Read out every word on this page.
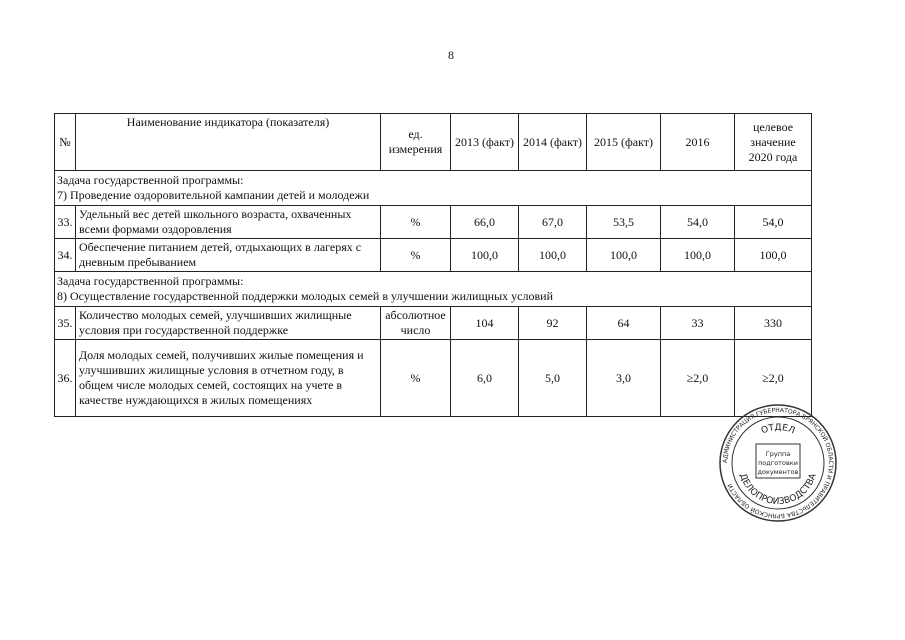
8
№	Наименование индикатора (показателя)	ед. измерения	2013 (факт)	2014 (факт)	2015 (факт)	2016	целевое значение 2020 года

Задача государственной программы:
7) Проведение оздоровительной кампании детей и молодежи							

33.	Удельный вес детей школьного возраста, охваченных всеми формами оздоровления	%	66,0	67,0	53,5	54,0	54,0
34.	Обеспечение питанием детей, отдыхающих в лагерях с дневным пребыванием	%	100,0	100,0	100,0	100,0	100,0

Задача государственной программы:
8) Осуществление государственной поддержки молодых семей в улучшении жилищных условий							

35.	Количество молодых семей, улучшивших жилищные условия при государственной поддержке	абсолютное число	104	92	64	33	330
36.	Доля молодых семей, получивших жилые помещения и улучшивших жилищные условия в отчетном году, в общем числе молодых семей, состоящих на учете в качестве нуждающихся в жилых помещениях	%	6,0	5,0	3,0	≥2,0	≥2,0
АДМИНИСТРАЦИЯ ГУБЕРНАТОРА БРЯНСКОЙ ОБЛАСТИ И ПРАВИТЕЛЬСТВА БРЯНСКОЙ ОБЛАСТИ
ОТДЕЛ
ДЕЛОПРОИЗВОДСТВА
Группа
подготовки
документов
